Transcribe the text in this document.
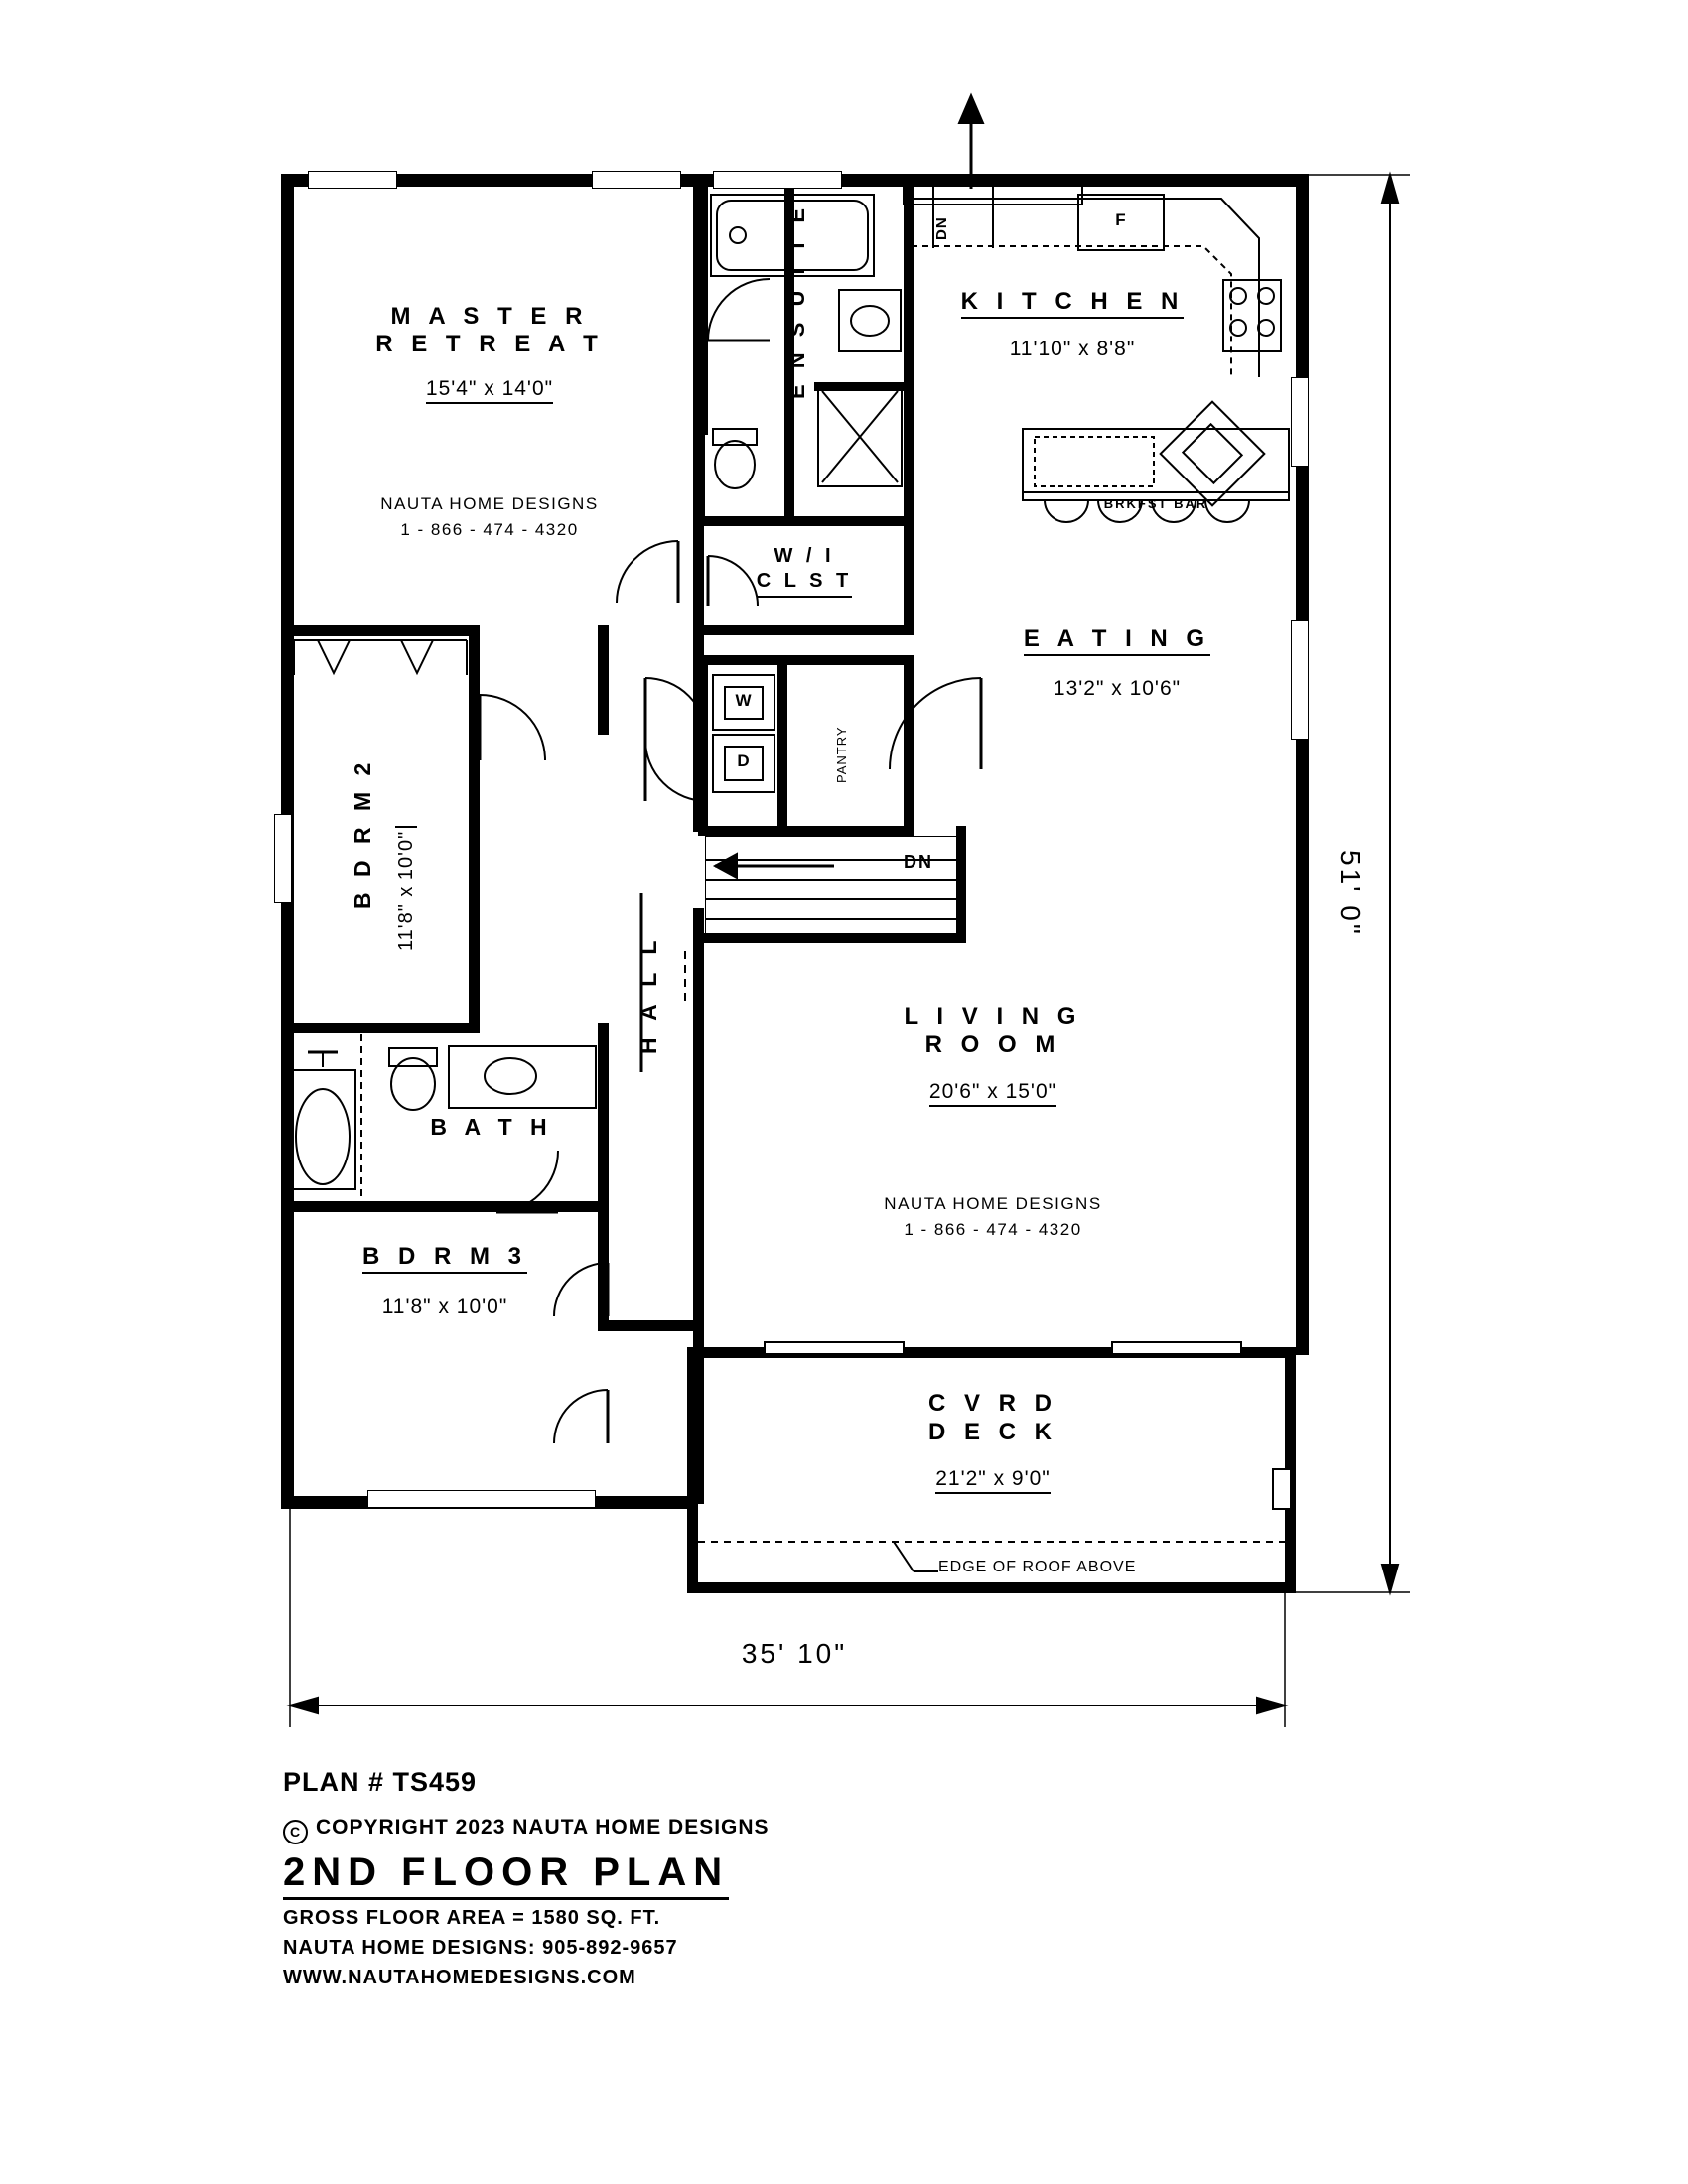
M A S T E R
R E T R E A T
15'4" x 14'0"
NAUTA HOME DESIGNS
1 - 866 - 474 - 4320
E N S U I T E
W / I
C L S T
K I T C H E N
11'10" x 8'8"
E A T I N G
13'2" x 10'6"
L I V I N G
R O O M
20'6" x 15'0"
NAUTA HOME DESIGNS
1 - 866 - 474 - 4320
B D R M 2 11'8" x 10'0"
B A T H
H A L L
B D R M 3
11'8" x 10'0"
C V R D
D E C K
21'2" x 9'0"
PANTRY
BRKFST BAR
DN
DN
F
W
D
EDGE OF ROOF ABOVE
51' 0"
35' 10"
PLAN # TS459
C COPYRIGHT 2023 NAUTA HOME DESIGNS
2ND FLOOR PLAN
GROSS FLOOR AREA = 1580 SQ. FT.
NAUTA HOME DESIGNS: 905-892-9657
WWW.NAUTAHOMEDESIGNS.COM
